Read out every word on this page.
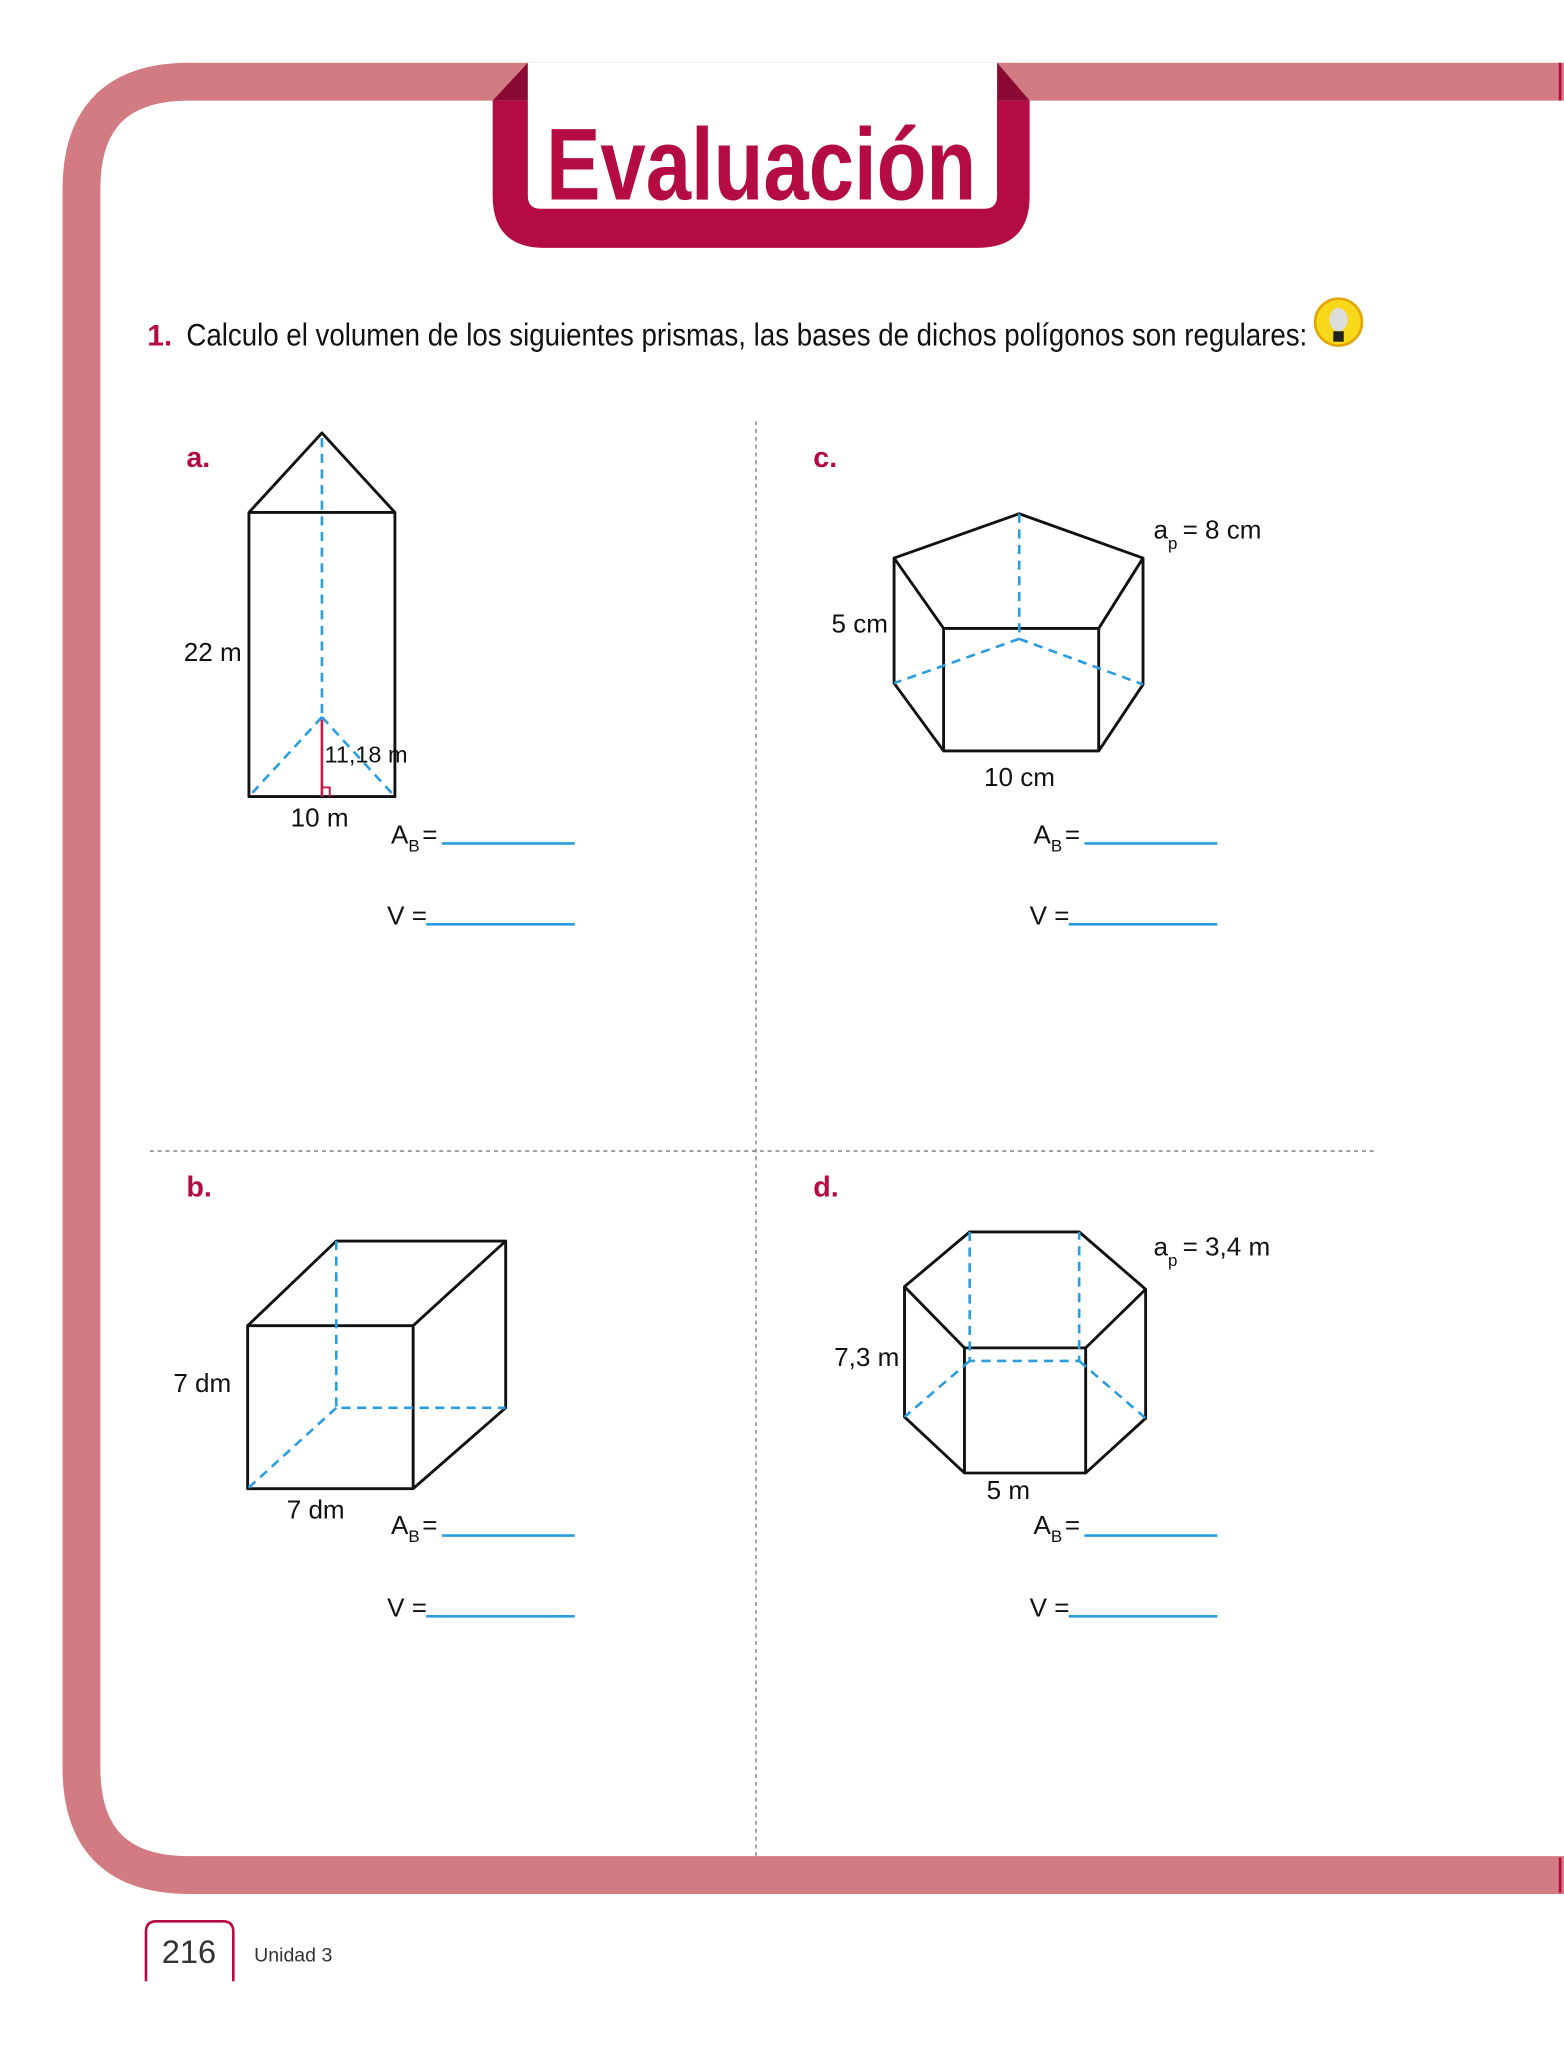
Evaluación
1. Calculo el volumen de los siguientes prismas, las bases de dichos polígonos son regulares:
a.
22 m
11,18 m
10 m
$A_B$ =
V =
c.
$a_p = 8$ cm
5 cm
10 cm
$A_B$ =
V =
b.
7 dm
7 dm
$A_B$ =
V =
d.
$a_p = 3,4$ m
7,3 m
5 m
$A_B$ =
V =
216	Unidad 3
